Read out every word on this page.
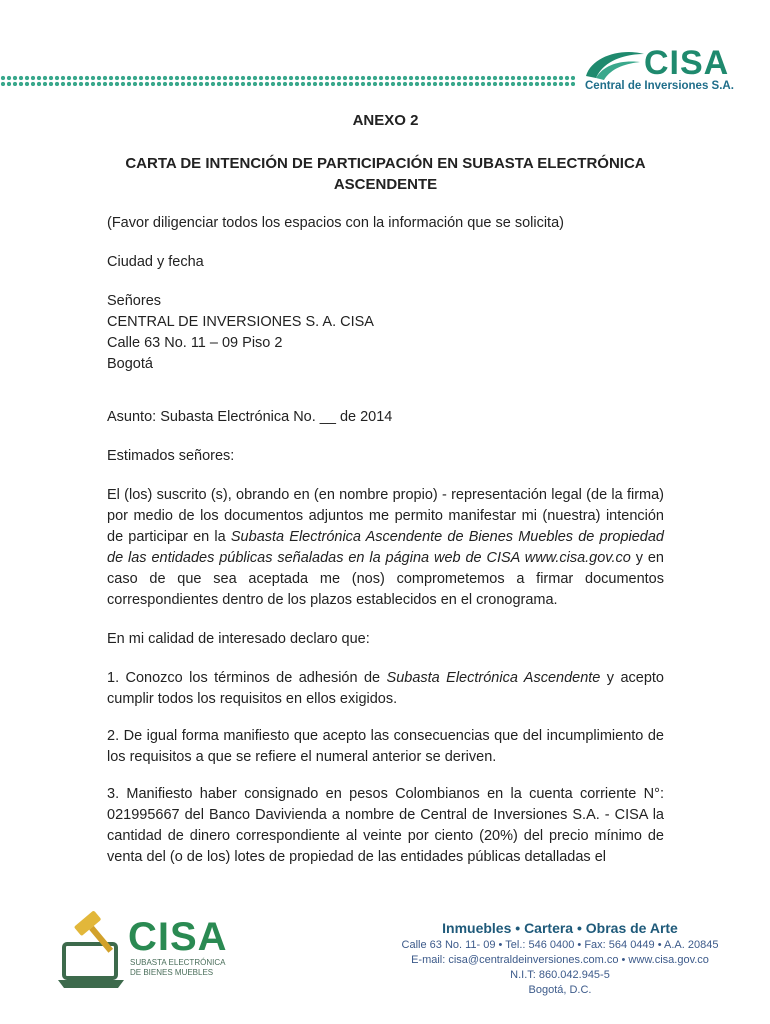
CISA
Central de Inversiones S.A.

ANEXO 2

CARTA DE INTENCIÓN DE PARTICIPACIÓN EN SUBASTA ELECTRÓNICA
ASCENDENTE

(Favor diligenciar todos los espacios con la información que se solicita)

Ciudad y fecha

Señores

CENTRAL DE INVERSIONES S. A. CISA

Calle 63 No. 11 – 09 Piso 2

Bogotá

Asunto: Subasta Electrónica No. __ de 2014

Estimados señores:

El (los) suscrito (s), obrando en (en nombre propio) - representación legal (de la firma) por medio de los documentos adjuntos me permito manifestar mi (nuestra) intención de participar en la Subasta Electrónica Ascendente de Bienes Muebles de propiedad de las entidades públicas señaladas en la página web de CISA www.cisa.gov.co y en caso de que sea aceptada me (nos) comprometemos a firmar documentos correspondientes dentro de los plazos establecidos en el cronograma.

En mi calidad de interesado declaro que:

1. Conozco los términos de adhesión de Subasta Electrónica Ascendente y acepto cumplir todos los requisitos en ellos exigidos.

2. De igual forma manifiesto que acepto las consecuencias que del incumplimiento de los requisitos a que se refiere el numeral anterior se deriven.

3. Manifiesto haber consignado en pesos Colombianos en la cuenta corriente N°: 021995667 del Banco Davivienda a nombre de Central de Inversiones S.A. - CISA la cantidad de dinero correspondiente al veinte por ciento (20%) del precio mínimo de venta del (o de los) lotes de propiedad de las entidades públicas detalladas el

CISA
SUBASTA ELECTRÓNICA
DE BIENES MUEBLES
Inmuebles • Cartera • Obras de Arte
Calle 63 No. 11- 09 • Tel.: 546 0400 • Fax: 564 0449 • A.A. 20845
E-mail: cisa@centraldeinversiones.com.co • www.cisa.gov.co
N.I.T: 860.042.945-5
Bogotá, D.C.
